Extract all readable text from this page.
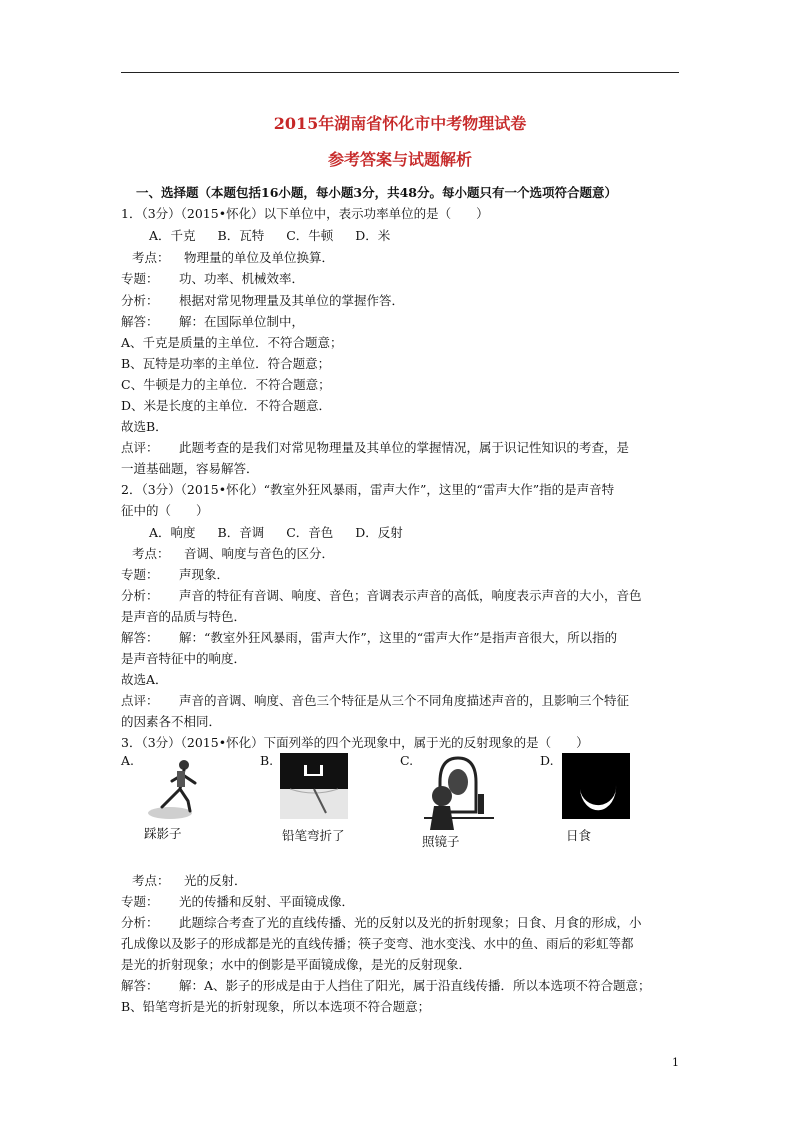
2015年湖南省怀化市中考物理试卷
参考答案与试题解析
一、选择题（本题包括16小题，每小题3分，共48分。每小题只有一个选项符合题意）
1．（3分）（2015•怀化）以下单位中，表示功率单位的是（　　）
A．千克 B．瓦特 C．牛顿 D．米
考点： 物理量的单位及单位换算．
专题： 功、功率、机械效率．
分析： 根据对常见物理量及其单位的掌握作答．
解答： 解：在国际单位制中，
A、千克是质量的主单位．不符合题意；
B、瓦特是功率的主单位．符合题意；
C、牛顿是力的主单位．不符合题意；
D、米是长度的主单位．不符合题意．
故选B．
点评： 此题考查的是我们对常见物理量及其单位的掌握情况，属于识记性知识的考查，是
一道基础题，容易解答．
2．（3分）（2015•怀化）“教室外狂风暴雨，雷声大作”，这里的“雷声大作”指的是声音特
征中的（　　）
A．响度 B．音调 C．音色 D．反射
考点： 音调、响度与音色的区分．
专题： 声现象．
分析： 声音的特征有音调、响度、音色；音调表示声音的高低，响度表示声音的大小，音色
是声音的品质与特色．
解答： 解：“教室外狂风暴雨，雷声大作”，这里的“雷声大作”是指声音很大，所以指的
是声音特征中的响度．
故选A．
点评： 声音的音调、响度、音色三个特征是从三个不同角度描述声音的，且影响三个特征
的因素各不相同．
3．（3分）（2015•怀化）下面列举的四个光现象中，属于光的反射现象的是（　　）
A.	B.	C.	D.
踩影子	铅笔弯折了	照镜子	日食
考点： 光的反射．
专题： 光的传播和反射、平面镜成像．
分析： 此题综合考查了光的直线传播、光的反射以及光的折射现象；日食、月食的形成，小
孔成像以及影子的形成都是光的直线传播；筷子变弯、池水变浅、水中的鱼、雨后的彩虹等都
是光的折射现象；水中的倒影是平面镜成像，是光的反射现象．
解答： 解：A、影子的形成是由于人挡住了阳光，属于沿直线传播．所以本选项不符合题意；
B、铅笔弯折是光的折射现象，所以本选项不符合题意；
1
